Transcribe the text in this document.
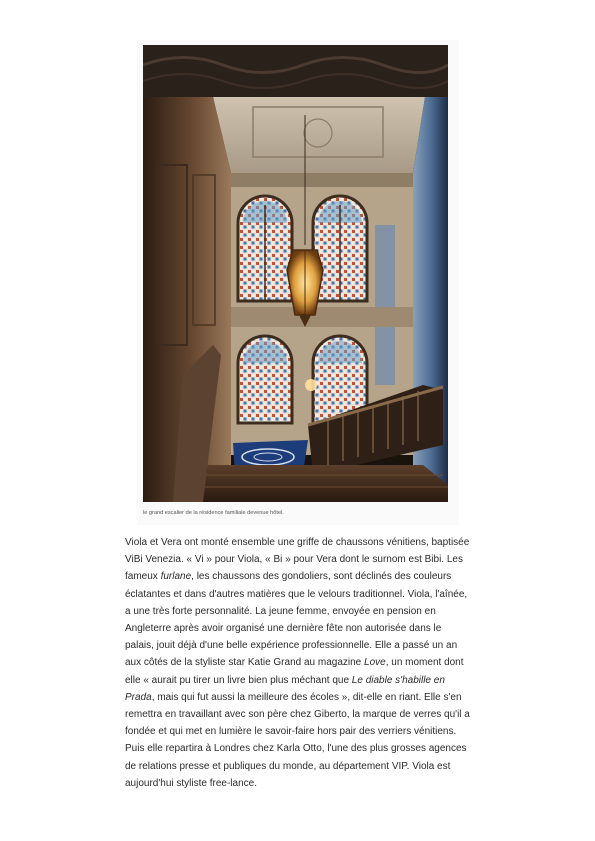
le grand escalier de la résidence familiale devenue hôtel.

Viola et Vera ont monté ensemble une griffe de chaussons vénitiens, baptisée ViBi Venezia. « Vi » pour Viola, « Bi » pour Vera dont le surnom est Bibi. Les fameux furlane, les chaussons des gondoliers, sont déclinés des couleurs éclatantes et dans d'autres matières que le velours traditionnel. Viola, l'aînée, a une très forte personnalité. La jeune femme, envoyée en pension en Angleterre après avoir organisé une dernière fête non autorisée dans le palais, jouit déjà d'une belle expérience professionnelle. Elle a passé un an aux côtés de la styliste star Katie Grand au magazine Love, un moment dont elle « aurait pu tirer un livre bien plus méchant que Le diable s'habille en Prada, mais qui fut aussi la meilleure des écoles », dit-elle en riant. Elle s'en remettra en travaillant avec son père chez Giberto, la marque de verres qu'il a fondée et qui met en lumière le savoir-faire hors pair des verriers vénitiens. Puis elle repartira à Londres chez Karla Otto, l'une des plus grosses agences de relations presse et publiques du monde, au département VIP. Viola est aujourd'hui styliste free-lance.
